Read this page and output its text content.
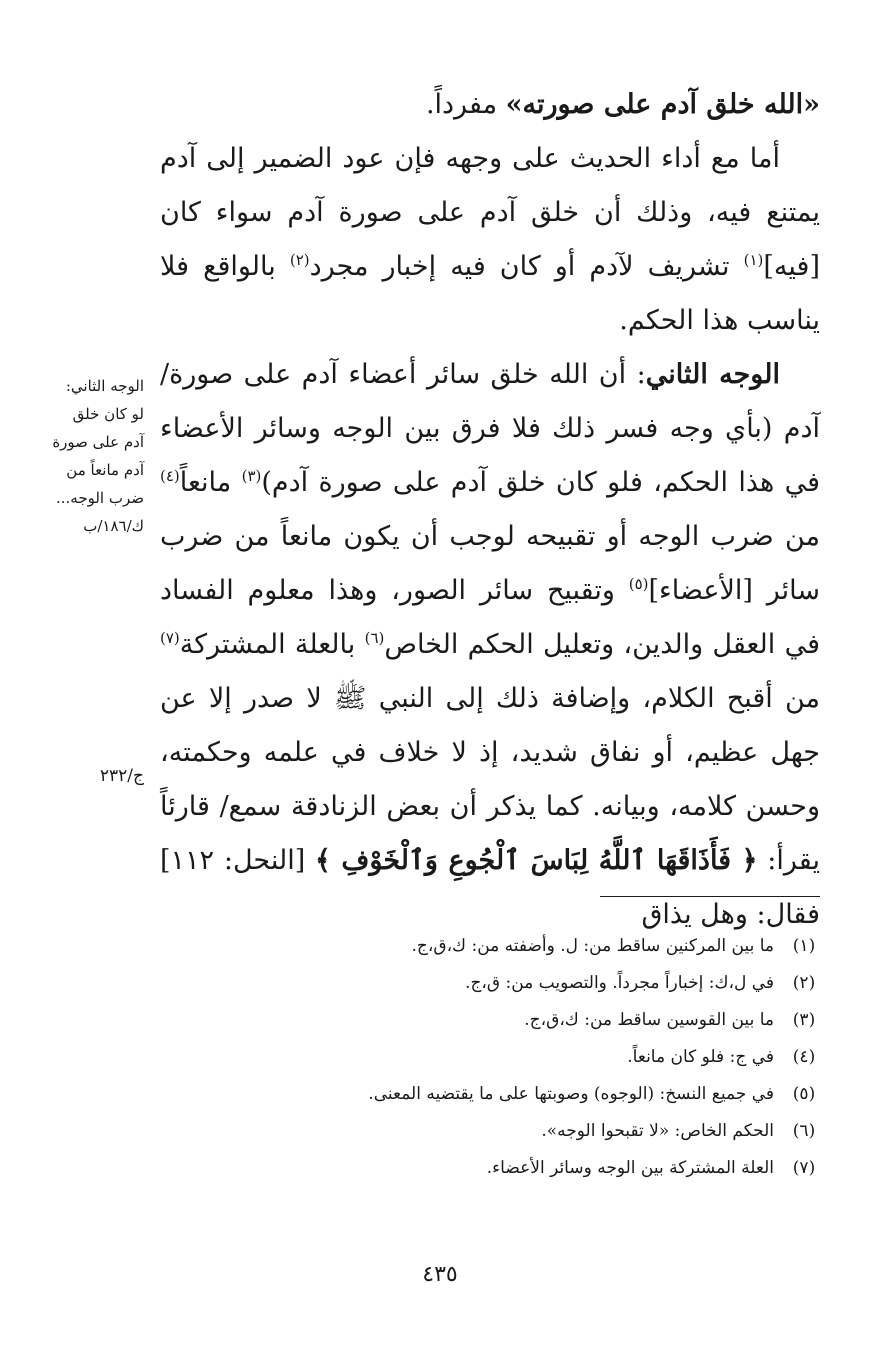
«الله خلق آدم على صورته» مفرداً.

أما مع أداء الحديث على وجهه فإن عود الضمير إلى آدم يمتنع فيه، وذلك أن خلق آدم على صورة آدم سواء كان [فيه]$^{(١)}$ تشريف لآدم أو كان فيه إخبار مجرد$^{(٢)}$ بالواقع فلا يناسب هذا الحكم.

الوجه الثاني: أن الله خلق سائر أعضاء آدم على صورة/ آدم (بأي وجه فسر ذلك فلا فرق بين الوجه وسائر الأعضاء في هذا الحكم، فلو كان خلق آدم على صورة آدم)$^{(٣)}$ مانعاً$^{(٤)}$ من ضرب الوجه أو تقبيحه لوجب أن يكون مانعاً من ضرب سائر [الأعضاء]$^{(٥)}$ وتقبيح سائر الصور، وهذا معلوم الفساد في العقل والدين، وتعليل الحكم الخاص$^{(٦)}$ بالعلة المشتركة$^{(٧)}$ من أقبح الكلام، وإضافة ذلك إلى النبي ﷺ لا صدر إلا عن جهل عظيم، أو نفاق شديد، إذ لا خلاف في علمه وحكمته، وحسن كلامه، وبيانه. كما يذكر أن بعض الزنادقة سمع/ قارئاً يقرأ: ﴿ فَأَذَاقَهَا ٱللَّهُ لِبَاسَ ٱلْجُوعِ وَٱلْخَوْفِ ﴾ [النحل: ١١٢] فقال: وهل يذاق

الوجه الثاني: لو كان خلق آدم على صورة آدم مانعاً من ضرب الوجه...
ك/١٨٦/ب
ج/٢٣٢
(١)
ما بين المركنين ساقط من: ل. وأضفته من: ك،ق،ج.
(٢)
في ل،ك: إخباراً مجرداً. والتصويب من: ق،ج.
(٣)
ما بين القوسين ساقط من: ك،ق،ج.
(٤)
في ج: فلو كان مانعاً.
(٥)
في جميع النسخ: (الوجوه) وصوبتها على ما يقتضيه المعنى.
(٦)
الحكم الخاص: «لا تقبحوا الوجه».
(٧)
العلة المشتركة بين الوجه وسائر الأعضاء.
٤٣٥
